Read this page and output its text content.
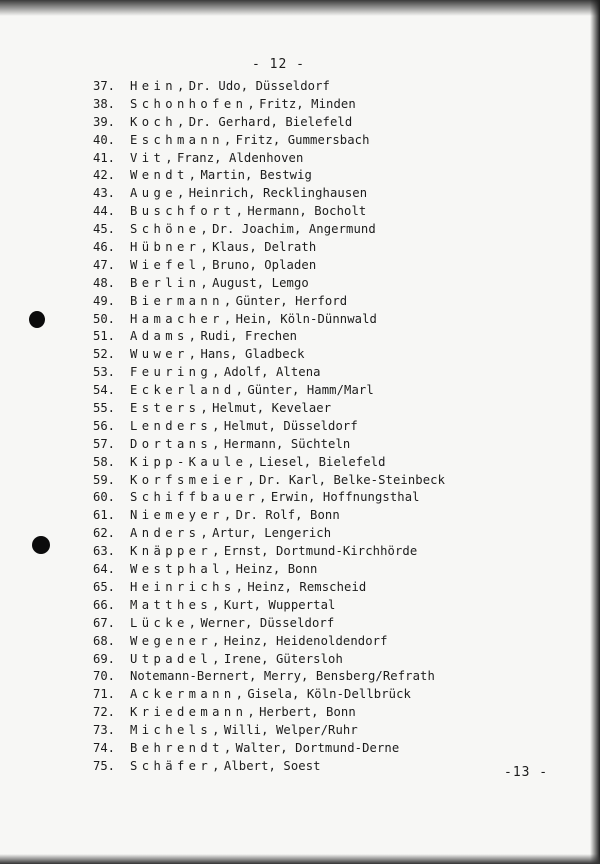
- 12 -
37.	Hein, Dr. Udo, Düsseldorf
38.	Schonhofen, Fritz, Minden
39.	Koch, Dr. Gerhard, Bielefeld
40.	Eschmann, Fritz, Gummersbach
41.	Vit, Franz, Aldenhoven
42.	Wendt, Martin, Bestwig
43.	Auge, Heinrich, Recklinghausen
44.	Buschfort, Hermann, Bocholt
45.	Schöne, Dr. Joachim, Angermund
46.	Hübner, Klaus, Delrath
47.	Wiefel, Bruno, Opladen
48.	Berlin, August, Lemgo
49.	Biermann, Günter, Herford
50.	Hamacher, Hein, Köln-Dünnwald
51.	Adams, Rudi, Frechen
52.	Wuwer, Hans, Gladbeck
53.	Feuring, Adolf, Altena
54.	Eckerland, Günter, Hamm/Marl
55.	Esters, Helmut, Kevelaer
56.	Lenders, Helmut, Düsseldorf
57.	Dortans, Hermann, Süchteln
58.	Kipp-Kaule, Liesel, Bielefeld
59.	Korfsmeier, Dr. Karl, Belke-Steinbeck
60.	Schiffbauer, Erwin, Hoffnungsthal
61.	Niemeyer, Dr. Rolf, Bonn
62.	Anders, Artur, Lengerich
63.	Knäpper, Ernst, Dortmund-Kirchhörde
64.	Westphal, Heinz, Bonn
65.	Heinrichs, Heinz, Remscheid
66.	Matthes, Kurt, Wuppertal
67.	Lücke, Werner, Düsseldorf
68.	Wegener, Heinz, Heidenoldendorf
69.	Utpadel, Irene, Gütersloh
70.	Notemann-Bernert, Merry, Bensberg/Refrath
71.	Ackermann, Gisela, Köln-Dellbrück
72.	Kriedemann, Herbert, Bonn
73.	Michels, Willi, Welper/Ruhr
74.	Behrendt, Walter, Dortmund-Derne
75.	Schäfer, Albert, Soest	-13 -
